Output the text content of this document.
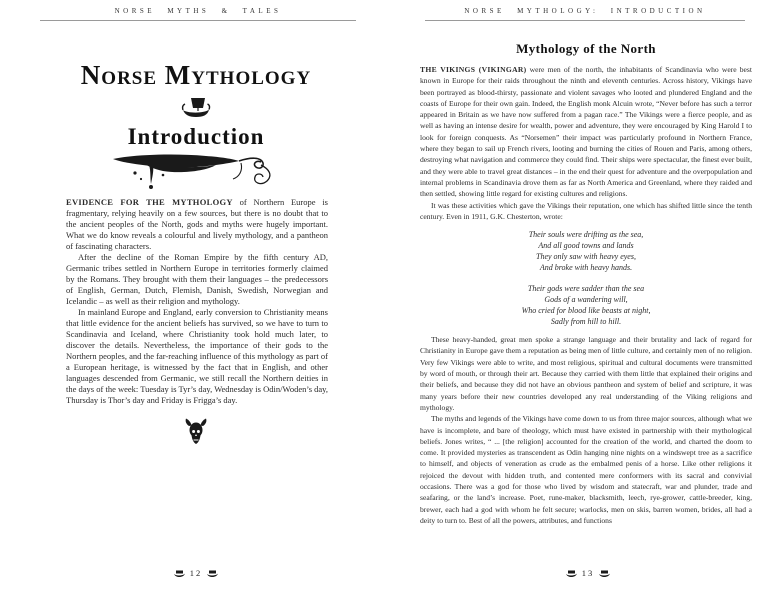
NORSE MYTHS & TALES
Norse Mythology
Introduction

EVIDENCE FOR THE MYTHOLOGY of Northern Europe is fragmentary, relying heavily on a few sources, but there is no doubt that to the ancient peoples of the North, gods and myths were hugely important. What we do know reveals a colourful and lively mythology, and a pantheon of fascinating characters.

After the decline of the Roman Empire by the fifth century AD, Germanic tribes settled in Northern Europe in territories formerly claimed by the Romans. They brought with them their languages – the predecessors of English, German, Dutch, Flemish, Danish, Swedish, Norwegian and Icelandic – as well as their religion and mythology.

In mainland Europe and England, early conversion to Christianity means that little evidence for the ancient beliefs has survived, so we have to turn to Scandinavia and Iceland, where Christianity took hold much later, to discover the details. Nevertheless, the importance of their gods to the Northern peoples, and the far-reaching influence of this mythology as part of a European heritage, is witnessed by the fact that in English, and other languages descended from Germanic, we still recall the Northern deities in the days of the week: Tuesday is Tyr’s day, Wednesday is Odin/Woden’s day, Thursday is Thor’s day and Friday is Frigga’s day.

12
NORSE MYTHOLOGY: INTRODUCTION
Mythology of the North

THE VIKINGS (VIKINGAR) were men of the north, the inhabitants of Scandinavia who were best known in Europe for their raids throughout the ninth and eleventh centuries. Across history, Vikings have been portrayed as blood-thirsty, passionate and violent savages who looted and plundered England and the coasts of Europe for their own gain. Indeed, the English monk Alcuin wrote, “Never before has such a terror appeared in Britain as we have now suffered from a pagan race.” The Vikings were a fierce people, and as well as having an intense desire for wealth, power and adventure, they were encouraged by King Harold I to look for foreign conquests. As “Norsemen” their impact was particularly profound in Northern France, where they began to sail up French rivers, looting and burning the cities of Rouen and Paris, among others, destroying what navigation and commerce they could find. Their ships were spectacular, the finest ever built, and they were able to travel great distances – in the end their quest for adventure and the overpopulation and internal problems in Scandinavia drove them as far as North America and Greenland, where they raided and then settled, showing little regard for existing cultures and religions.

It was these activities which gave the Vikings their reputation, one which has shifted little since the tenth century. Even in 1911, G.K. Chesterton, wrote:

Their souls were drifting as the sea,
And all good towns and lands
They only saw with heavy eyes,
And broke with heavy hands.
Their gods were sadder than the sea
Gods of a wandering will,
Who cried for blood like beasts at night,
Sadly from hill to hill.

These heavy-handed, great men spoke a strange language and their brutality and lack of regard for Christianity in Europe gave them a reputation as being men of little culture, and certainly men of no religion. Very few Vikings were able to write, and most religious, spiritual and cultural documents were transmitted by word of mouth, or through their art. Because they carried with them little that explained their origins and their beliefs, and because they did not have an obvious pantheon and system of belief and scripture, it was many years before their new countries developed any real understanding of the Viking religions and mythology.

The myths and legends of the Vikings have come down to us from three major sources, although what we have is incomplete, and bare of theology, which must have existed in partnership with their mythological beliefs. Jones writes, “ ... [the religion] accounted for the creation of the world, and charted the doom to come. It provided mysteries as transcendent as Odin hanging nine nights on a windswept tree as a sacrifice to himself, and objects of veneration as crude as the embalmed penis of a horse. Like other religions it rejoiced the devout with hidden truth, and contented mere conformers with its sacral and convivial occasions. There was a god for those who lived by wisdom and statecraft, war and plunder, trade and seafaring, or the land’s increase. Poet, rune-maker, blacksmith, leech, rye-grower, cattle-breeder, king, brewer, each had a god with whom he felt secure; warlocks, men on skis, barren women, brides, all had a deity to turn to. Best of all the powers, attributes, and functions

13
